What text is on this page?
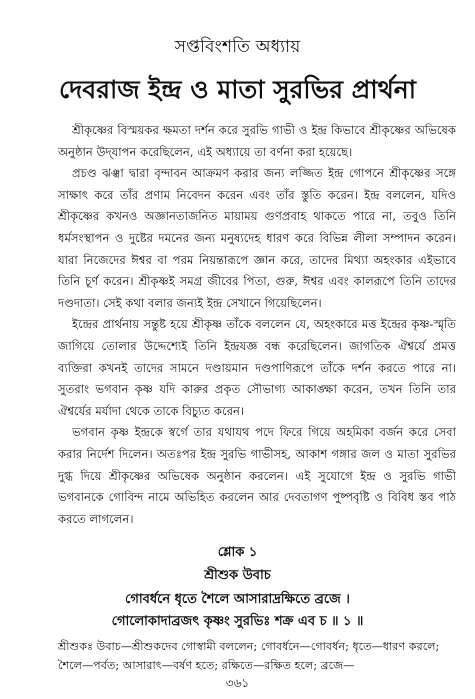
সপ্তবিংশতি অধ্যায়
দেবরাজ ইন্দ্র ও মাতা সুরভির প্রার্থনা

শ্রীকৃষ্ণের বিস্ময়কর ক্ষমতা দর্শন করে সুরভি গাভী ও ইন্দ্র কিভাবে শ্রীকৃষ্ণের অভিষেক অনুষ্ঠান উদ্‌যাপন করেছিলেন, এই অধ্যায়ে তা বর্ণনা করা হয়েছে।

প্রচণ্ড ঝঞ্ঝা দ্বারা বৃন্দাবন আক্রমণ করার জন্য লজ্জিত ইন্দ্র গোপনে শ্রীকৃষ্ণের সঙ্গে সাক্ষাৎ করে তাঁর প্রণাম নিবেদন করেন এবং তাঁর স্তুতি করেন। ইন্দ্র বললেন, যদিও শ্রীকৃষ্ণের কখনও অজ্ঞানতাজনিত মায়াময় গুণপ্রবাহ থাকতে পারে না, তবুও তিনি ধর্মসংস্থাপন ও দুষ্টের দমনের জন্য মনুষ্যদেহ ধারণ করে বিভিন্ন লীলা সম্পাদন করেন। যারা নিজেদের ঈশ্বর বা পরম নিয়ন্তারূপে জ্ঞান করে, তাদের মিথ্যা অহংকার এইভাবে তিনি চূর্ণ করেন। শ্রীকৃষ্ণই সমগ্র জীবের পিতা, গুরু, ঈশ্বর এবং কালরূপে তিনি তাদের দণ্ডদাতা। সেই কথা বলার জন্যই ইন্দ্র সেখানে গিয়েছিলেন।

ইন্দ্রের প্রার্থনায় সন্তুষ্ট হয়ে শ্রীকৃষ্ণ তাঁকে বললেন যে, অহংকারে মত্ত ইন্দ্রের কৃষ্ণ-স্মৃতি জাগিয়ে তোলার উদ্দেশ্যেই তিনি ইন্দ্রযজ্ঞ বন্ধ করেছিলেন। জাগতিক ঐশ্বর্যে প্রমত্ত ব্যক্তিরা কখনই তাদের সামনে দণ্ডায়মান দণ্ডপাণিরূপে তাঁকে দর্শন করতে পারে না। সুতরাং ভগবান কৃষ্ণ যদি কারুর প্রকৃত সৌভাগ্য আকাঙ্ক্ষা করেন, তখন তিনি তার ঐশ্বর্যের মর্যাদা থেকে তাকে বিচ্যুত করেন।

ভগবান কৃষ্ণ ইন্দ্রকে স্বর্গে তার যথাযথ পদে ফিরে গিয়ে অহমিকা বর্জন করে সেবা করার নির্দেশ দিলেন। অতঃপর ইন্দ্র সুরভি গাভীসহ, আকাশ গঙ্গার জল ও মাতা সুরভির দুগ্ধ দিয়ে শ্রীকৃষ্ণের অভিষেক অনুষ্ঠান করলেন। এই সুযোগে ইন্দ্র ও সুরভি গাভী ভগবানকে গোবিন্দ নামে অভিহিত করলেন আর দেবতাগণ পুষ্পবৃষ্টি ও বিবিধ স্তব পাঠ করতে লাগলেন।

শ্লোক ১
শ্রীশুক উবাচ
গোবর্ধনে ধৃতে শৈলে আসারাদ্রক্ষিতে ব্রজে ।
গোলোকাদাব্রজৎ কৃষ্ণং সুরভিঃ শক্র এব চ ॥ ১ ॥
শ্রীশুকঃ উবাচ—শ্রীশুকদেব গোস্বামী বললেন; গোবর্ধনে—গোবর্ধন; ধৃতে—ধারণ করলে; শৈলে—পর্বত; আসারাৎ—বর্ষণ হতে; রক্ষিতে—রক্ষিত হলে; ব্রজে—
৩৬১
